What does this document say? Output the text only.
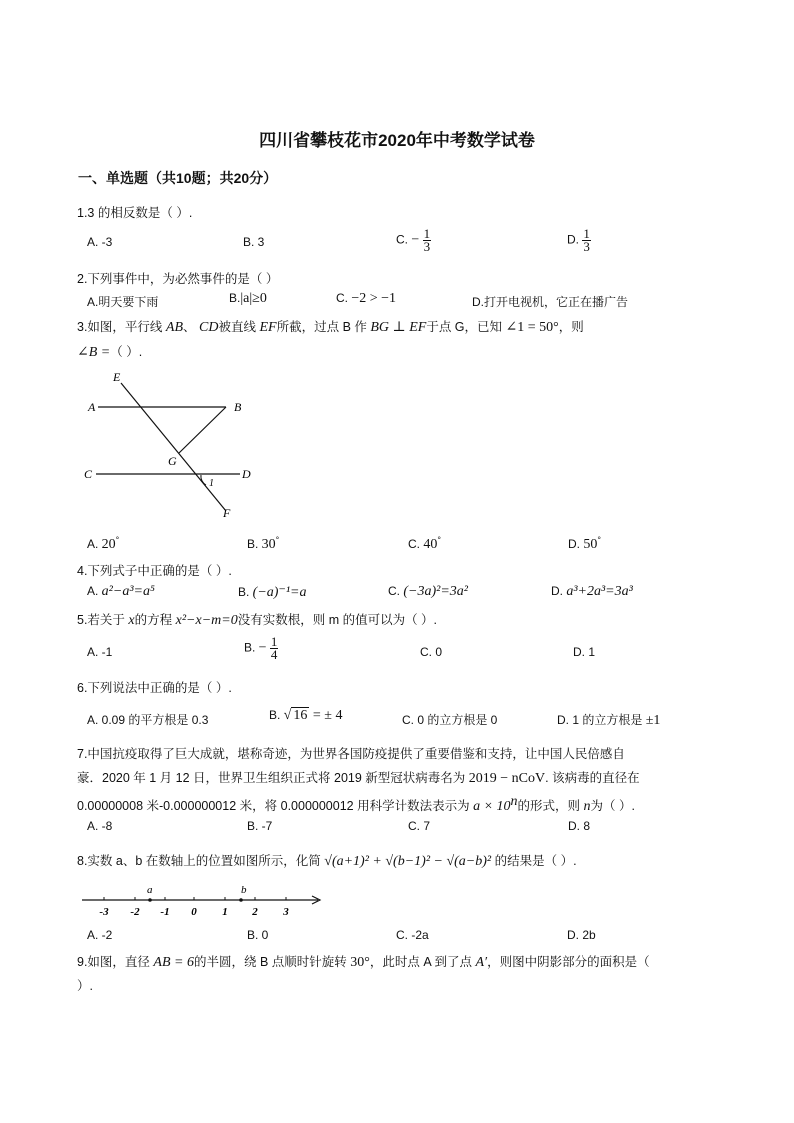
四川省攀枝花市2020年中考数学试卷
一、单选题（共10题；共20分）
1.3 的相反数是（ ）.
A. -3	B. 3	C. − $\frac{1}{3}$	D. $\frac{1}{3}$
2.下列事件中，为必然事件的是（ ）
A.明天要下雨	B.|a|≥0	C. −2 > −1	D.打开电视机，它正在播广告
3.如图，平行线 AB、 CD被直线 EF所截，过点 B 作 BG ⊥ EF于点 G，已知 ∠1 = 50°，则
∠B =（ ）.
E
A	B
G
C	D
F
1
A. 20°	B. 30°	C. 40°	D. 50°
4.下列式子中正确的是（ ）.
A. a²−a³=a⁵	B. (−a)⁻¹=a	C. (−3a)²=3a²	D. a³+2a³=3a³
5.若关于 x的方程 x²−x−m=0没有实数根，则 m 的值可以为（ ）.
A. -1	B. − $\frac{1}{4}$	C. 0	D. 1
6.下列说法中正确的是（ ）.
A. 0.09 的平方根是 0.3	B. √ 16 = ± 4	C. 0 的立方根是 0	D. 1 的立方根是 ±1
7.中国抗疫取得了巨大成就，堪称奇迹，为世界各国防疫提供了重要借鉴和支持，让中国人民倍感自
豪．2020 年 1 月 12 日，世界卫生组织正式将 2019 新型冠状病毒名为 2019 − nCoV. 该病毒的直径在
0.00000008 米-0.000000012 米，将 0.000000012 用科学计数法表示为 $a \times 10^n$的形式，则 n为（ ）.
A. -8	B. -7	C. 7	D. 8
8.实数 a、b 在数轴上的位置如图所示，化简 √(a+1)² + √(b−1)² − √(a−b)² 的结果是（ ）.
-3 -2 -1 0 1 2 3
a	b
A. -2	B. 0	C. -2a	D. 2b
9.如图，直径 AB = 6的半圆，绕 B 点顺时针旋转 30°，此时点 A 到了点 A′，则图中阴影部分的面积是（
）.
